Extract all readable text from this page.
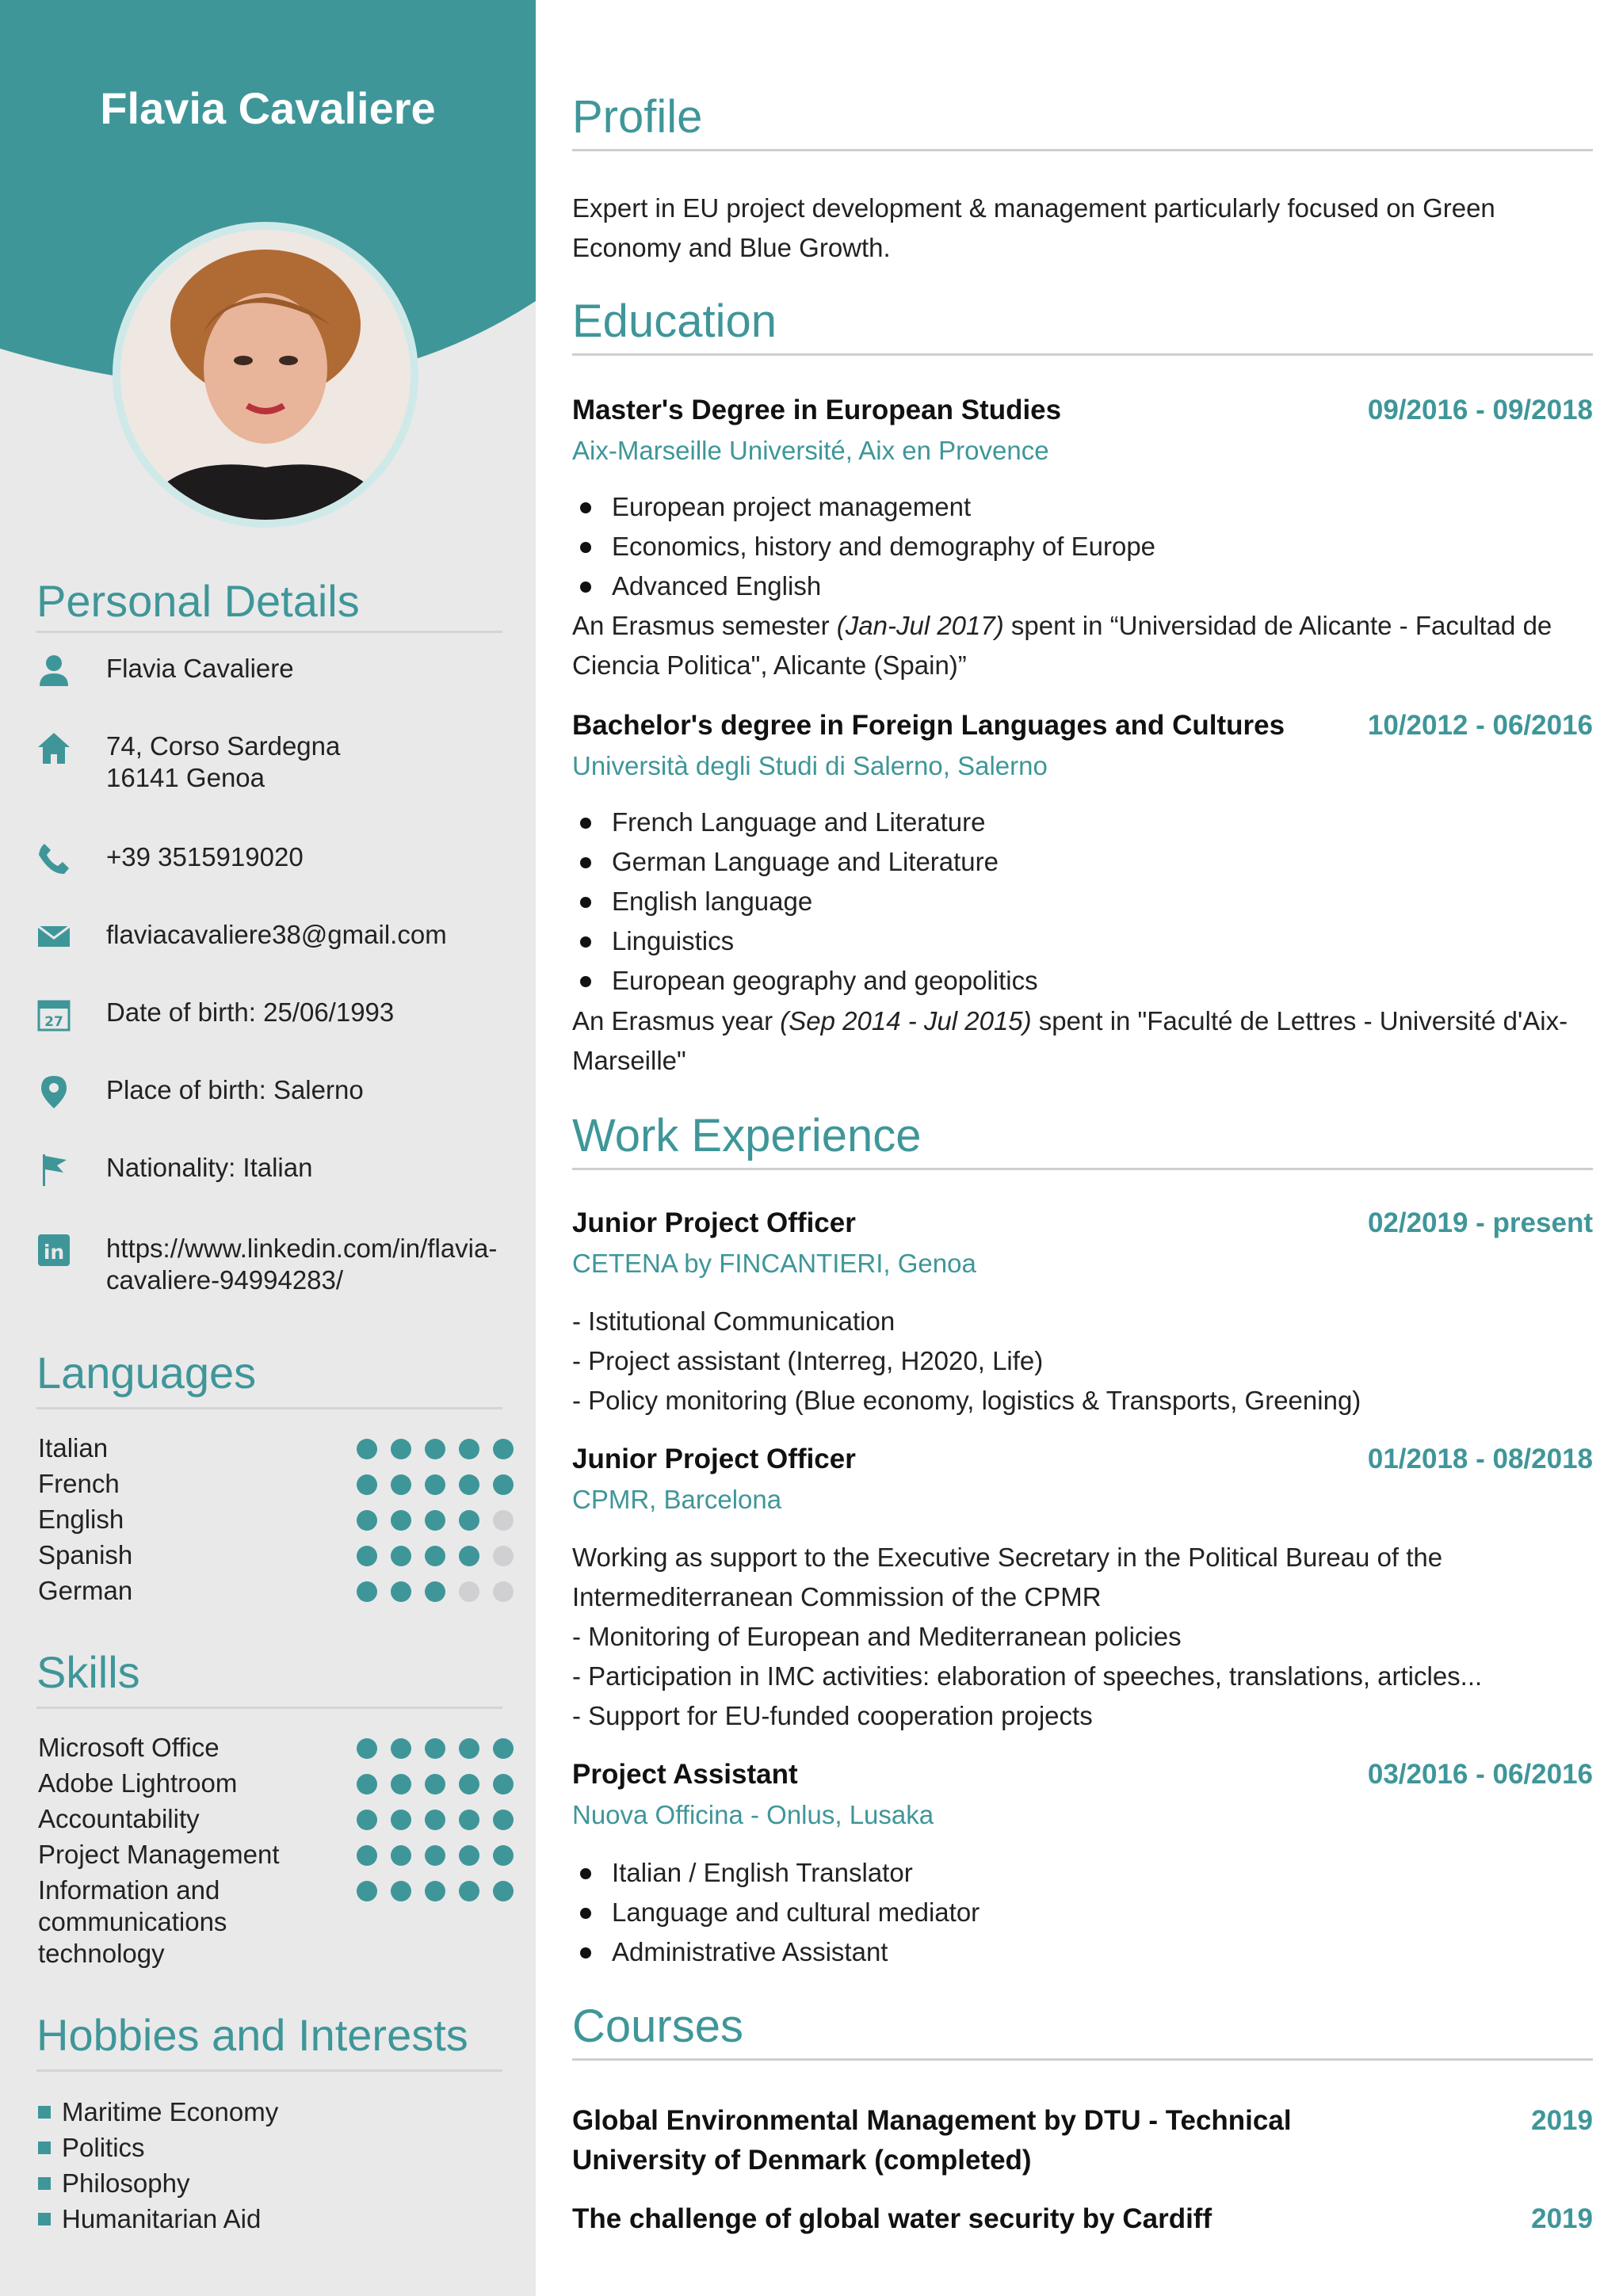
Flavia Cavaliere
Personal Details
Flavia Cavaliere
74, Corso Sardegna
16141 Genoa
+39 3515919020
flaviacavaliere38@gmail.com
27 Date of birth: 25/06/1993
Place of birth: Salerno
Nationality: Italian
in https://www.linkedin.com/in/flavia-
cavaliere-94994283/
Languages
Italian
French
English
Spanish
German
Skills
Microsoft Office
Adobe Lightroom
Accountability
Project Management
Information and
communications
technology
Hobbies and Interests
Maritime Economy
Politics
Philosophy
Humanitarian Aid
Profile
Expert in EU project development & management particularly focused on Green
Economy and Blue Growth.
Education
Master's Degree in European Studies	09/2016 - 09/2018
Aix-Marseille Université, Aix en Provence
European project management
Economics, history and demography of Europe
Advanced English
An Erasmus semester (Jan-Jul 2017) spent in “Universidad de Alicante - Facultad de
Ciencia Politica", Alicante (Spain)”
Bachelor's degree in Foreign Languages and Cultures	10/2012 - 06/2016
Università degli Studi di Salerno, Salerno
French Language and Literature
German Language and Literature
English language
Linguistics
European geography and geopolitics
An Erasmus year (Sep 2014 - Jul 2015) spent in "Faculté de Lettres - Université d'Aix-
Marseille"
Work Experience
Junior Project Officer	02/2019 - present
CETENA by FINCANTIERI, Genoa
- Istitutional Communication
- Project assistant (Interreg, H2020, Life)
- Policy monitoring (Blue economy, logistics & Transports, Greening)
Junior Project Officer	01/2018 - 08/2018
CPMR, Barcelona
Working as support to the Executive Secretary in the Political Bureau of the
Intermediterranean Commission of the CPMR
- Monitoring of European and Mediterranean policies
- Participation in IMC activities: elaboration of speeches, translations, articles...
- Support for EU-funded cooperation projects
Project Assistant	03/2016 - 06/2016
Nuova Officina - Onlus, Lusaka
Italian / English Translator
Language and cultural mediator
Administrative Assistant
Courses
Global Environmental Management by DTU - Technical
University of Denmark (completed)
2019
The challenge of global water security by Cardiff	2019
